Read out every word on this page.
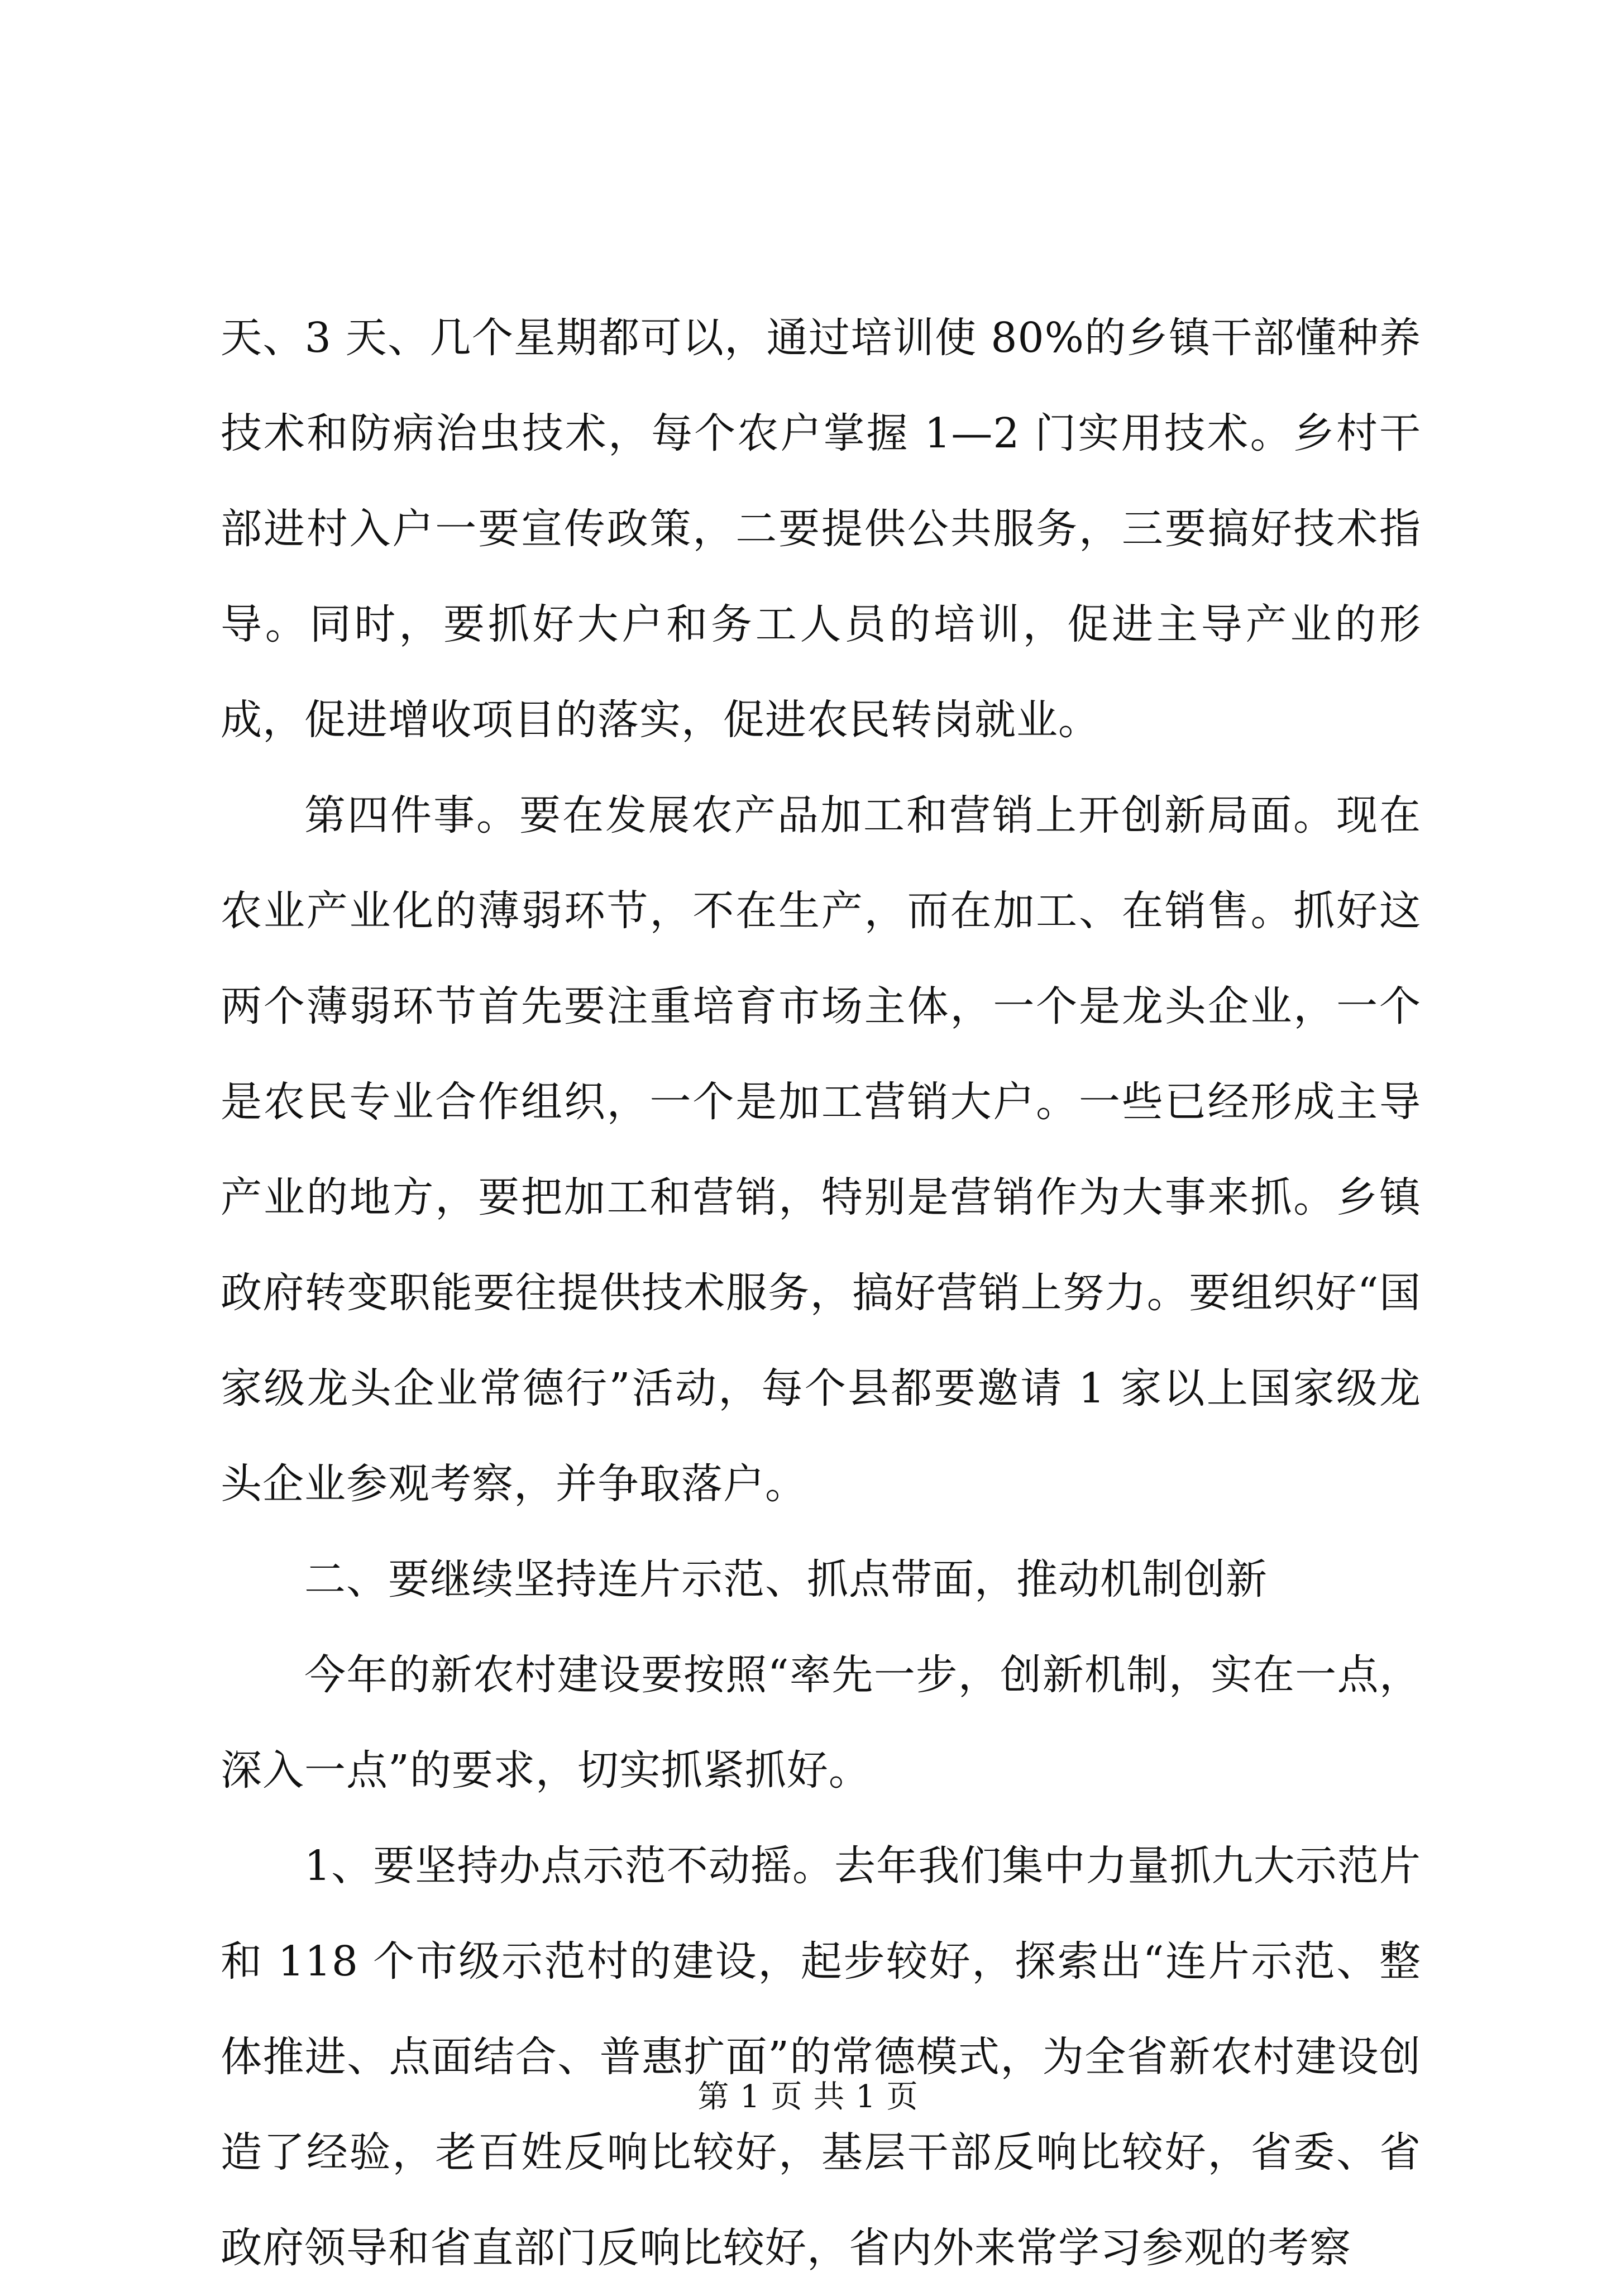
天、3 天、几个星期都可以，通过培训使 80%的乡镇干部懂种养技术和防病治虫技术，每个农户掌握 1—2 门实用技术。乡村干部进村入户一要宣传政策，二要提供公共服务，三要搞好技术指导。同时，要抓好大户和务工人员的培训，促进主导产业的形成，促进增收项目的落实，促进农民转岗就业。

第四件事。要在发展农产品加工和营销上开创新局面。现在农业产业化的薄弱环节，不在生产，而在加工、在销售。抓好这两个薄弱环节首先要注重培育市场主体，一个是龙头企业，一个是农民专业合作组织，一个是加工营销大户。一些已经形成主导产业的地方，要把加工和营销，特别是营销作为大事来抓。乡镇政府转变职能要往提供技术服务，搞好营销上努力。要组织好“国家级龙头企业常德行”活动，每个县都要邀请 1 家以上国家级龙头企业参观考察，并争取落户。

二、要继续坚持连片示范、抓点带面，推动机制创新

今年的新农村建设要按照“率先一步，创新机制，实在一点，深入一点”的要求，切实抓紧抓好。

1、要坚持办点示范不动摇。去年我们集中力量抓九大示范片和 118 个市级示范村的建设，起步较好，探索出“连片示范、整体推进、点面结合、普惠扩面”的常德模式，为全省新农村建设创造了经验，老百姓反响比较好，基层干部反响比较好，省委、省政府领导和省直部门反响比较好，省内外来常学习参观的考察

第 1 页 共 1 页
